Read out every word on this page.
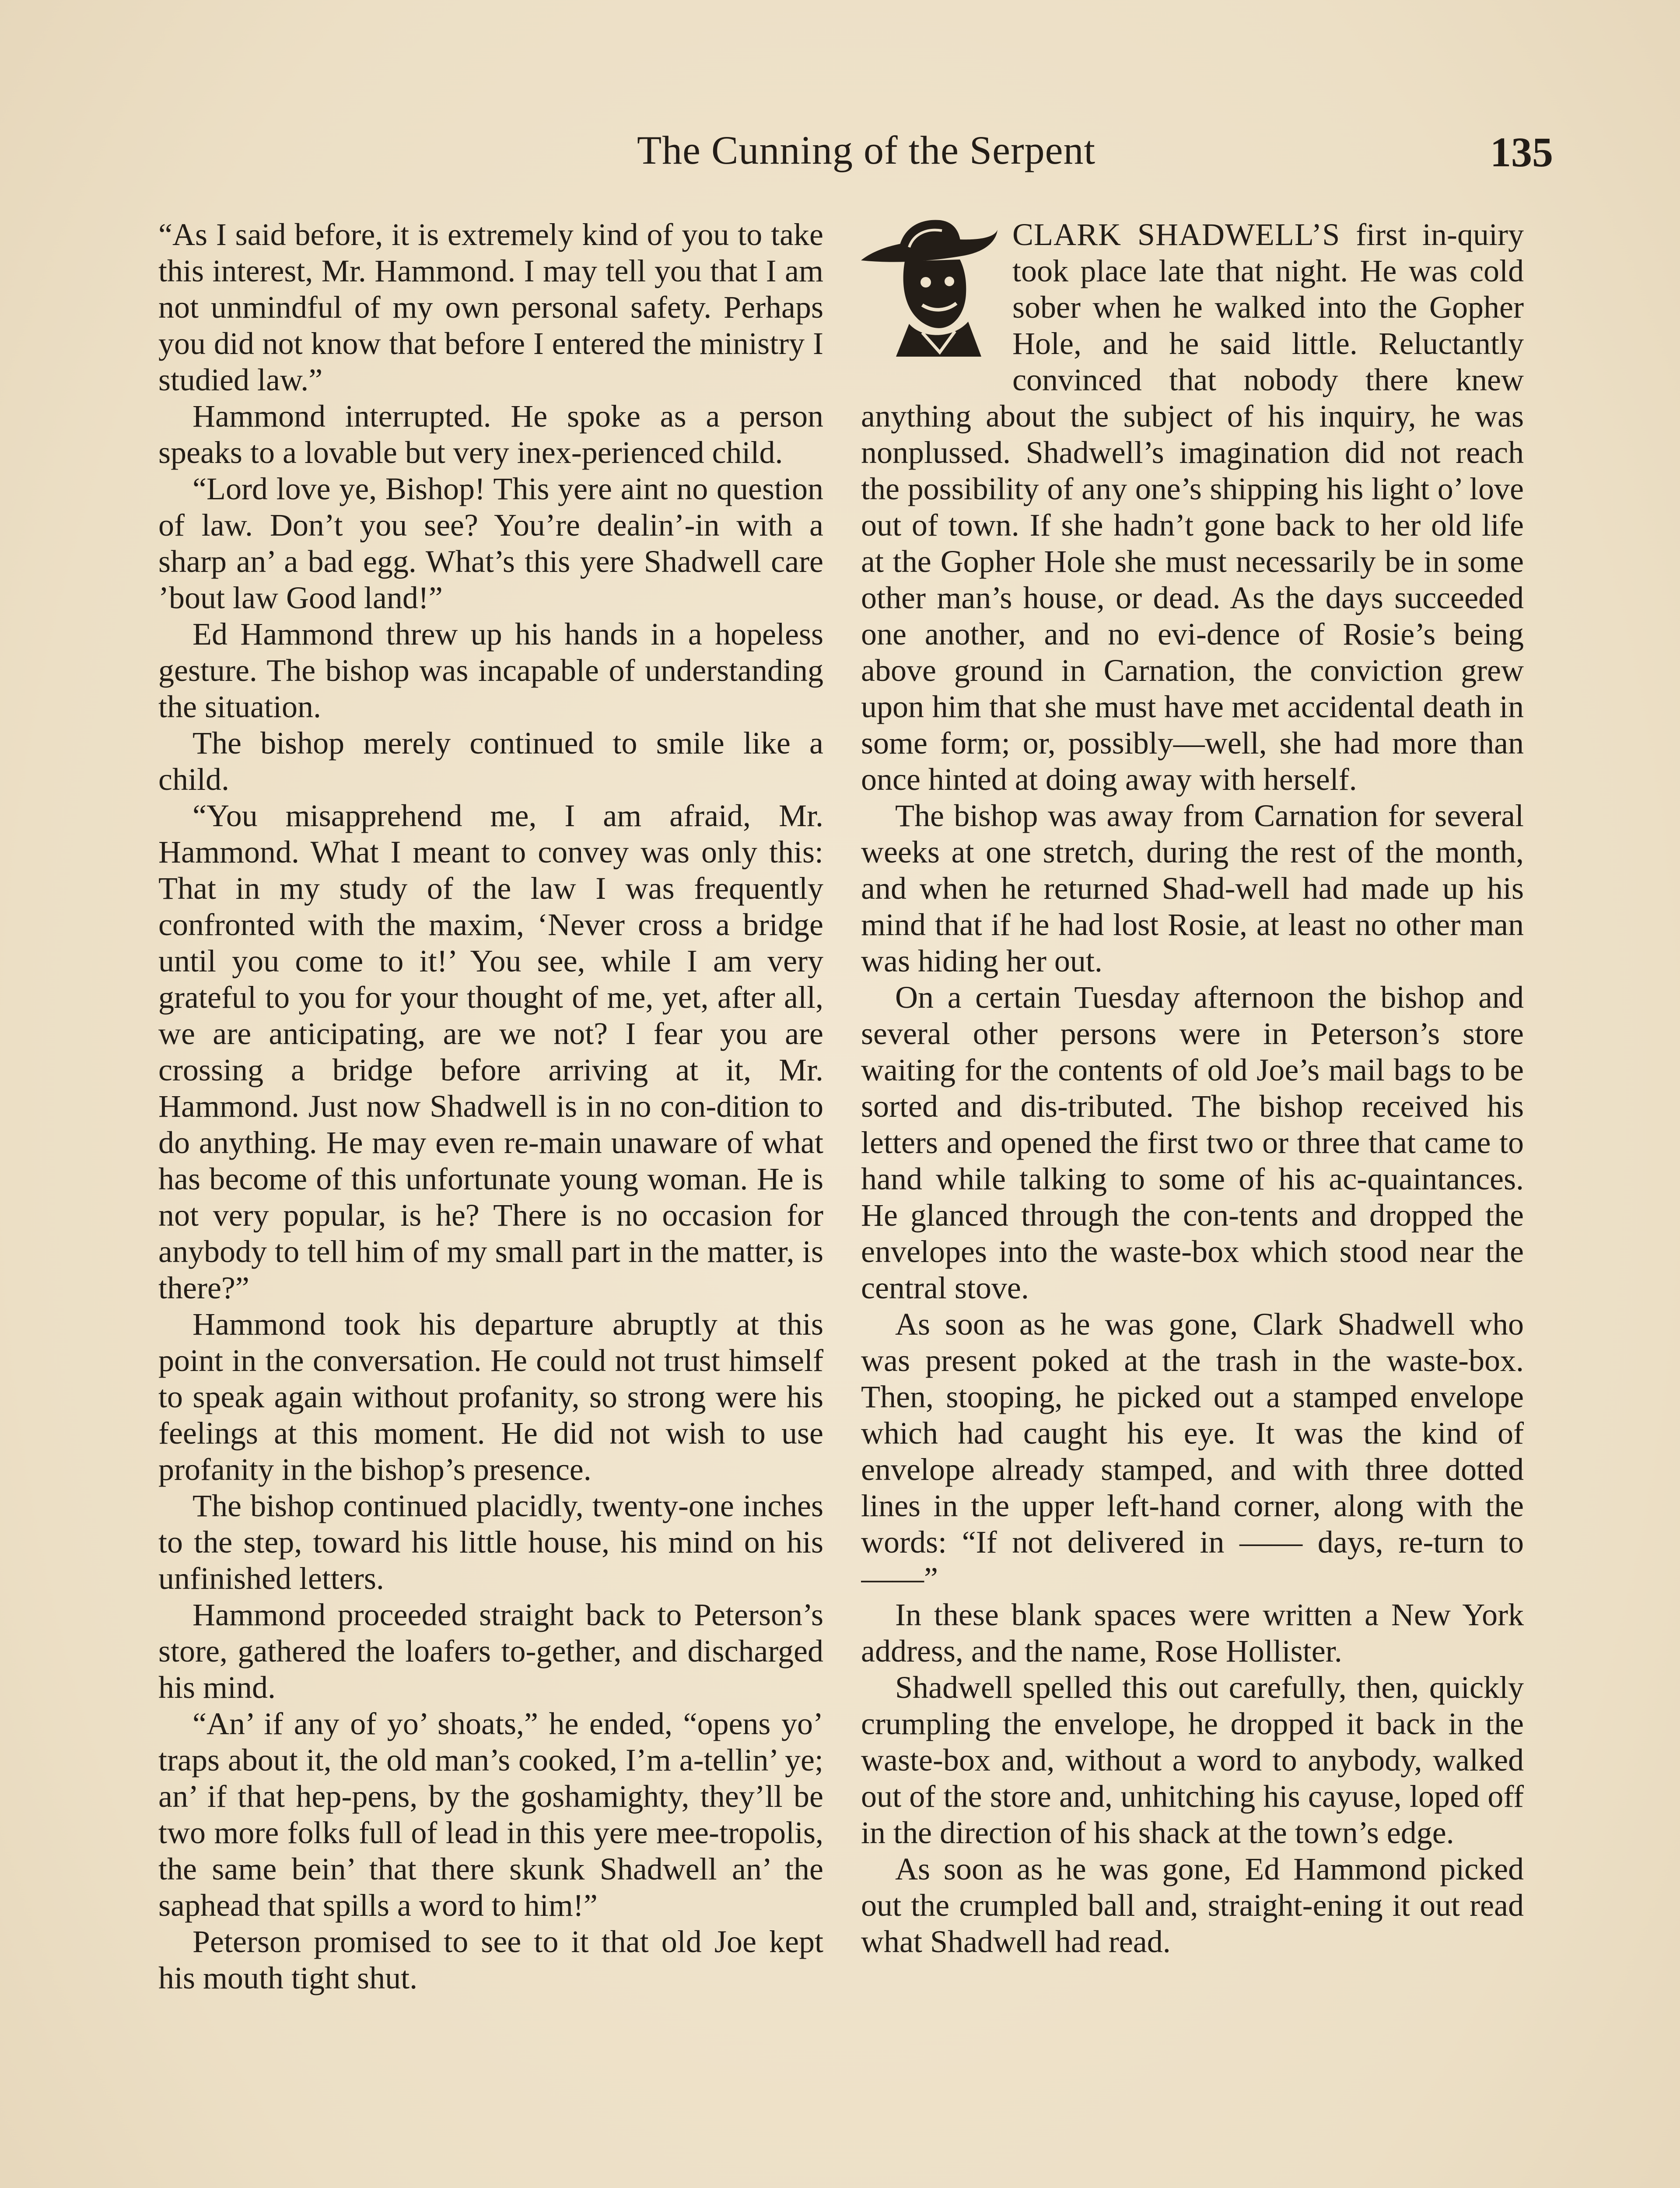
The Cunning of the Serpent	135

“As I said before, it is extremely kind of you to take this interest, Mr. Hammond. I may tell you that I am not unmindful of my own personal safety. Perhaps you did not know that before I entered the ministry I studied law.”

Hammond interrupted. He spoke as a person speaks to a lovable but very inex-perienced child.

“Lord love ye, Bishop! This yere aint no question of law. Don’t you see? You’re dealin’-in with a sharp an’ a bad egg. What’s this yere Shadwell care ’bout law Good land!”

Ed Hammond threw up his hands in a hopeless gesture. The bishop was incapable of understanding the situation.

The bishop merely continued to smile like a child.

“You misapprehend me, I am afraid, Mr. Hammond. What I meant to convey was only this: That in my study of the law I was frequently confronted with the maxim, ‘Never cross a bridge until you come to it!’ You see, while I am very grateful to you for your thought of me, yet, after all, we are anticipating, are we not? I fear you are crossing a bridge before arriving at it, Mr. Hammond. Just now Shadwell is in no con-dition to do anything. He may even re-main unaware of what has become of this unfortunate young woman. He is not very popular, is he? There is no occasion for anybody to tell him of my small part in the matter, is there?”

Hammond took his departure abruptly at this point in the conversation. He could not trust himself to speak again without profanity, so strong were his feelings at this moment. He did not wish to use profanity in the bishop’s presence.

The bishop continued placidly, twenty-one inches to the step, toward his little house, his mind on his unfinished letters.

Hammond proceeded straight back to Peterson’s store, gathered the loafers to-gether, and discharged his mind.

“An’ if any of yo’ shoats,” he ended, “opens yo’ traps about it, the old man’s cooked, I’m a-tellin’ ye; an’ if that hep-pens, by the goshamighty, they’ll be two more folks full of lead in this yere mee-tropolis, the same bein’ that there skunk Shadwell an’ the saphead that spills a word to him!”

Peterson promised to see to it that old Joe kept his mouth tight shut.

CLARK SHADWELL’S first in-quiry took place late that night. He was cold sober when he walked into the Gopher Hole, and he said little. Reluctantly convinced that nobody there knew anything about the subject of his inquiry, he was nonplussed. Shadwell’s imagination did not reach the possibility of any one’s shipping his light o’ love out of town. If she hadn’t gone back to her old life at the Gopher Hole she must necessarily be in some other man’s house, or dead. As the days succeeded one another, and no evi-dence of Rosie’s being above ground in Carnation, the conviction grew upon him that she must have met accidental death in some form; or, possibly—well, she had more than once hinted at doing away with herself.

The bishop was away from Carnation for several weeks at one stretch, during the rest of the month, and when he returned Shad-well had made up his mind that if he had lost Rosie, at least no other man was hiding her out.

On a certain Tuesday afternoon the bishop and several other persons were in Peterson’s store waiting for the contents of old Joe’s mail bags to be sorted and dis-tributed. The bishop received his letters and opened the first two or three that came to hand while talking to some of his ac-quaintances. He glanced through the con-tents and dropped the envelopes into the waste-box which stood near the central stove.

As soon as he was gone, Clark Shadwell who was present poked at the trash in the waste-box. Then, stooping, he picked out a stamped envelope which had caught his eye. It was the kind of envelope already stamped, and with three dotted lines in the upper left-hand corner, along with the words: “If not delivered in —— days, re-turn to ——”

In these blank spaces were written a New York address, and the name, Rose Hollister.

Shadwell spelled this out carefully, then, quickly crumpling the envelope, he dropped it back in the waste-box and, without a word to anybody, walked out of the store and, unhitching his cayuse, loped off in the direction of his shack at the town’s edge.

As soon as he was gone, Ed Hammond picked out the crumpled ball and, straight-ening it out read what Shadwell had read.
